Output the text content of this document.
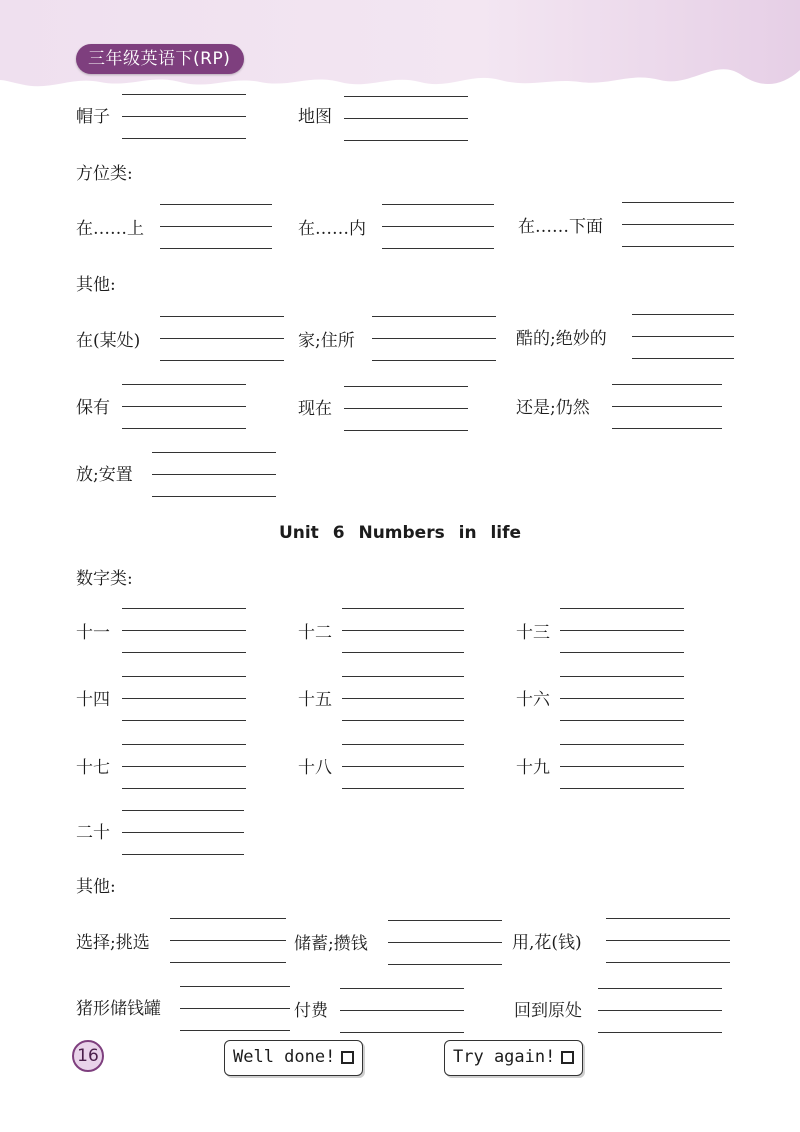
三年级英语下(RP)
帽子	地图
方位类:
在……上	在……内	在……下面
其他:
在(某处)	家;住所	酷的;绝妙的
保有	现在	还是;仍然
放;安置
Unit 6 Numbers in life
数字类:
十一	十二	十三
十四	十五	十六
十七	十八	十九
二十
其他:
选择;挑选	储蓄;攒钱	用,花(钱)
猪形储钱罐	付费	回到原处
16	Well done!	Try again!
